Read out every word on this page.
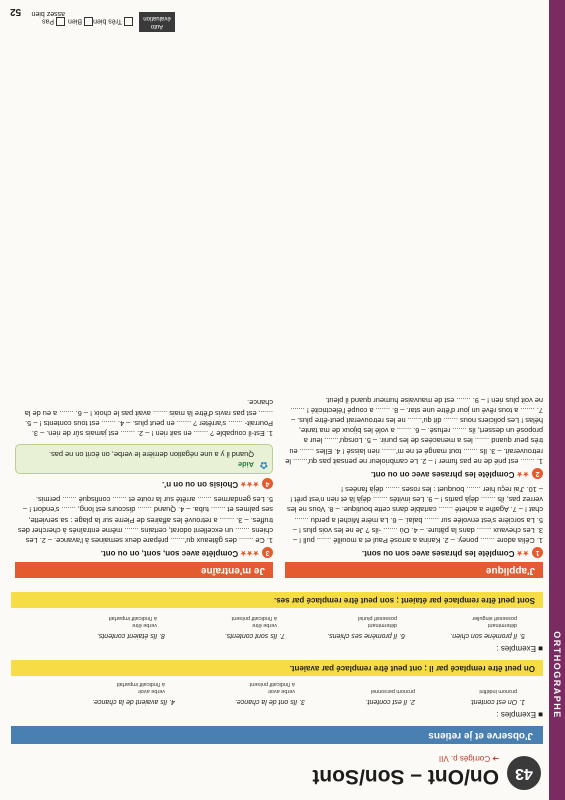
ORTHOGRAPHE
43
On/Ont – Son/Sont
➔ Corrigés p. VII
J'observe et je retiens
■ Exemples :
1. On est content.
2. Il est content.
3. Ils ont de la chance.
4. Ils avaient de la chance.
pronom indéfini
pronom personnel
verbe avoir
à l'indicatif présent
verbe avoir
à l'indicatif imparfait
On peut être remplacé par il ; ont peut être remplacé par avaient.
■ Exemples :
5. Il promène son chien.
6. Il promène ses chiens.
7. Ils sont contents.
8. Ils étaient contents.
déterminant
possessif singulier
déterminant
possessif pluriel
verbe être
à l'indicatif présent
verbe être
à l'indicatif imparfait
Sont peut être remplacé par étaient ; son peut être remplacé par ses.
J'applique
1★★Complète les phrases avec son ou sont.
1. Célia adore ....... poney. – 2. Karina a arrosé Paul et a mouillé ....... pull ! – 3. Les chevaux ....... dans la pâture. – 4. Où ....... -ils ? Je ne les vois plus ! – 5. La sorcière s'est envolée sur ....... balai. – 6. La mère Michel a perdu ....... chat ! – 7. Agathe a acheté ....... cartable dans cette boutique. – 8. Vous ne les verrez pas, ils ....... déjà partis ! – 9. Les invités ....... déjà là et rien n'est prêt ! – 10. J'ai reçu hier ....... bouquet : les roses ....... déjà fanées !
2★★Complète les phrases avec on ou ont.
1. ....... est prié de ne pas fumer ! – 2. Le cambrioleur ne pensait pas qu'....... le retrouverait. – 3. Ils ....... tout mangé et ne m'....... rien laissé ! 4. Elles ....... eu très peur quand ....... les a menacées de les punir. – 5. Lorsqu'....... leur a proposé un dessert, ils ....... refusé. – 6. ....... a volé les bijoux de ma tante, hélas ! Les policiers nous ....... dit qu'....... ne les retrouverait peut-être plus. – 7. ....... a tous rêvé un jour d'être une star. – 8. ....... a coupé l'électricité ! ....... ne voit plus rien ! – 9. ....... est de mauvaise humeur quand il pleut.
Je m'entraîne
3★★★Complète avec son, sont, on ou ont.
1. Ce ....... des gâteaux qu'....... prépare deux semaines à l'avance. – 2. Les chiens ....... un excellent odorat, certains ....... même entraînés à chercher des truffes. – 3. ....... a retrouvé les affaires de Pierre sur la plage : sa serviette, ses palmes et ....... tuba. – 4. Quand ....... discours est long, ....... s'endort ! – 5. Les gendarmes ....... arrêté sur la route et ....... confisqué ....... permis.
4★★★Choisis on ou on n'.
✿
Aide
Quand il y a une négation derrière le verbe, on écrit on ne pas.
1. Est-il coupable ? ....... en sait rien ! – 2. ....... est jamais sûr de rien. – 3. Pourrait- ....... s'arrêter ? ....... en peut plus. – 4. ....... est tous contents ! – 5. ....... est pas ravis d'être là mais ....... avait pas le choix ! – 6. ....... a eu de la chance.
Auto évaluation
Très bien
Bien
Pas assez bien
52
